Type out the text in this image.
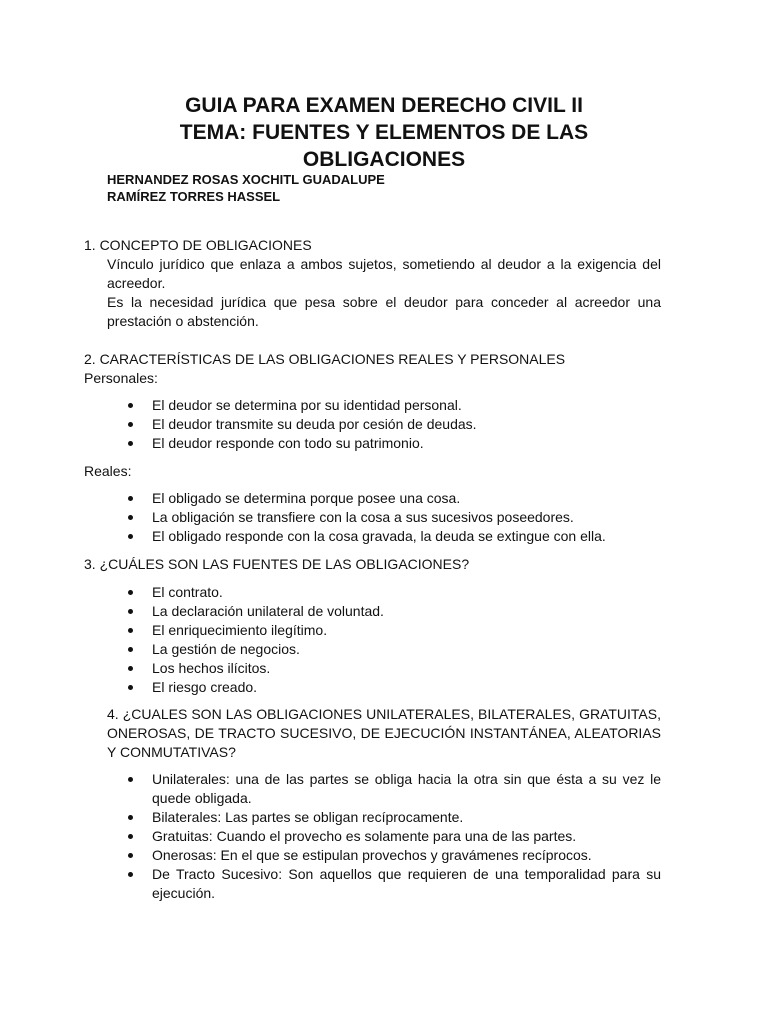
GUIA PARA EXAMEN DERECHO CIVIL II
TEMA: FUENTES Y ELEMENTOS DE LAS
OBLIGACIONES
HERNANDEZ ROSAS XOCHITL GUADALUPE
RAMÍREZ TORRES HASSEL
1. CONCEPTO DE OBLIGACIONES
Vínculo jurídico que enlaza a ambos sujetos, sometiendo al deudor a la exigencia del acreedor.
Es la necesidad jurídica que pesa sobre el deudor para conceder al acreedor una prestación o abstención.
2. CARACTERÍSTICAS DE LAS OBLIGACIONES REALES Y PERSONALES
Personales:
El deudor se determina por su identidad personal.
El deudor transmite su deuda por cesión de deudas.
El deudor responde con todo su patrimonio.
Reales:
El obligado se determina porque posee una cosa.
La obligación se transfiere con la cosa a sus sucesivos poseedores.
El obligado responde con la cosa gravada, la deuda se extingue con ella.
3. ¿CUÁLES SON LAS FUENTES DE LAS OBLIGACIONES?
El contrato.
La declaración unilateral de voluntad.
El enriquecimiento ilegítimo.
La gestión de negocios.
Los hechos ilícitos.
El riesgo creado.
4. ¿CUALES SON LAS OBLIGACIONES UNILATERALES, BILATERALES, GRATUITAS, ONEROSAS, DE TRACTO SUCESIVO, DE EJECUCIÓN INSTANTÁNEA, ALEATORIAS Y CONMUTATIVAS?
Unilaterales: una de las partes se obliga hacia la otra sin que ésta a su vez le quede obligada.
Bilaterales: Las partes se obligan recíprocamente.
Gratuitas: Cuando el provecho es solamente para una de las partes.
Onerosas: En el que se estipulan provechos y gravámenes recíprocos.
De Tracto Sucesivo: Son aquellos que requieren de una temporalidad para su ejecución.
